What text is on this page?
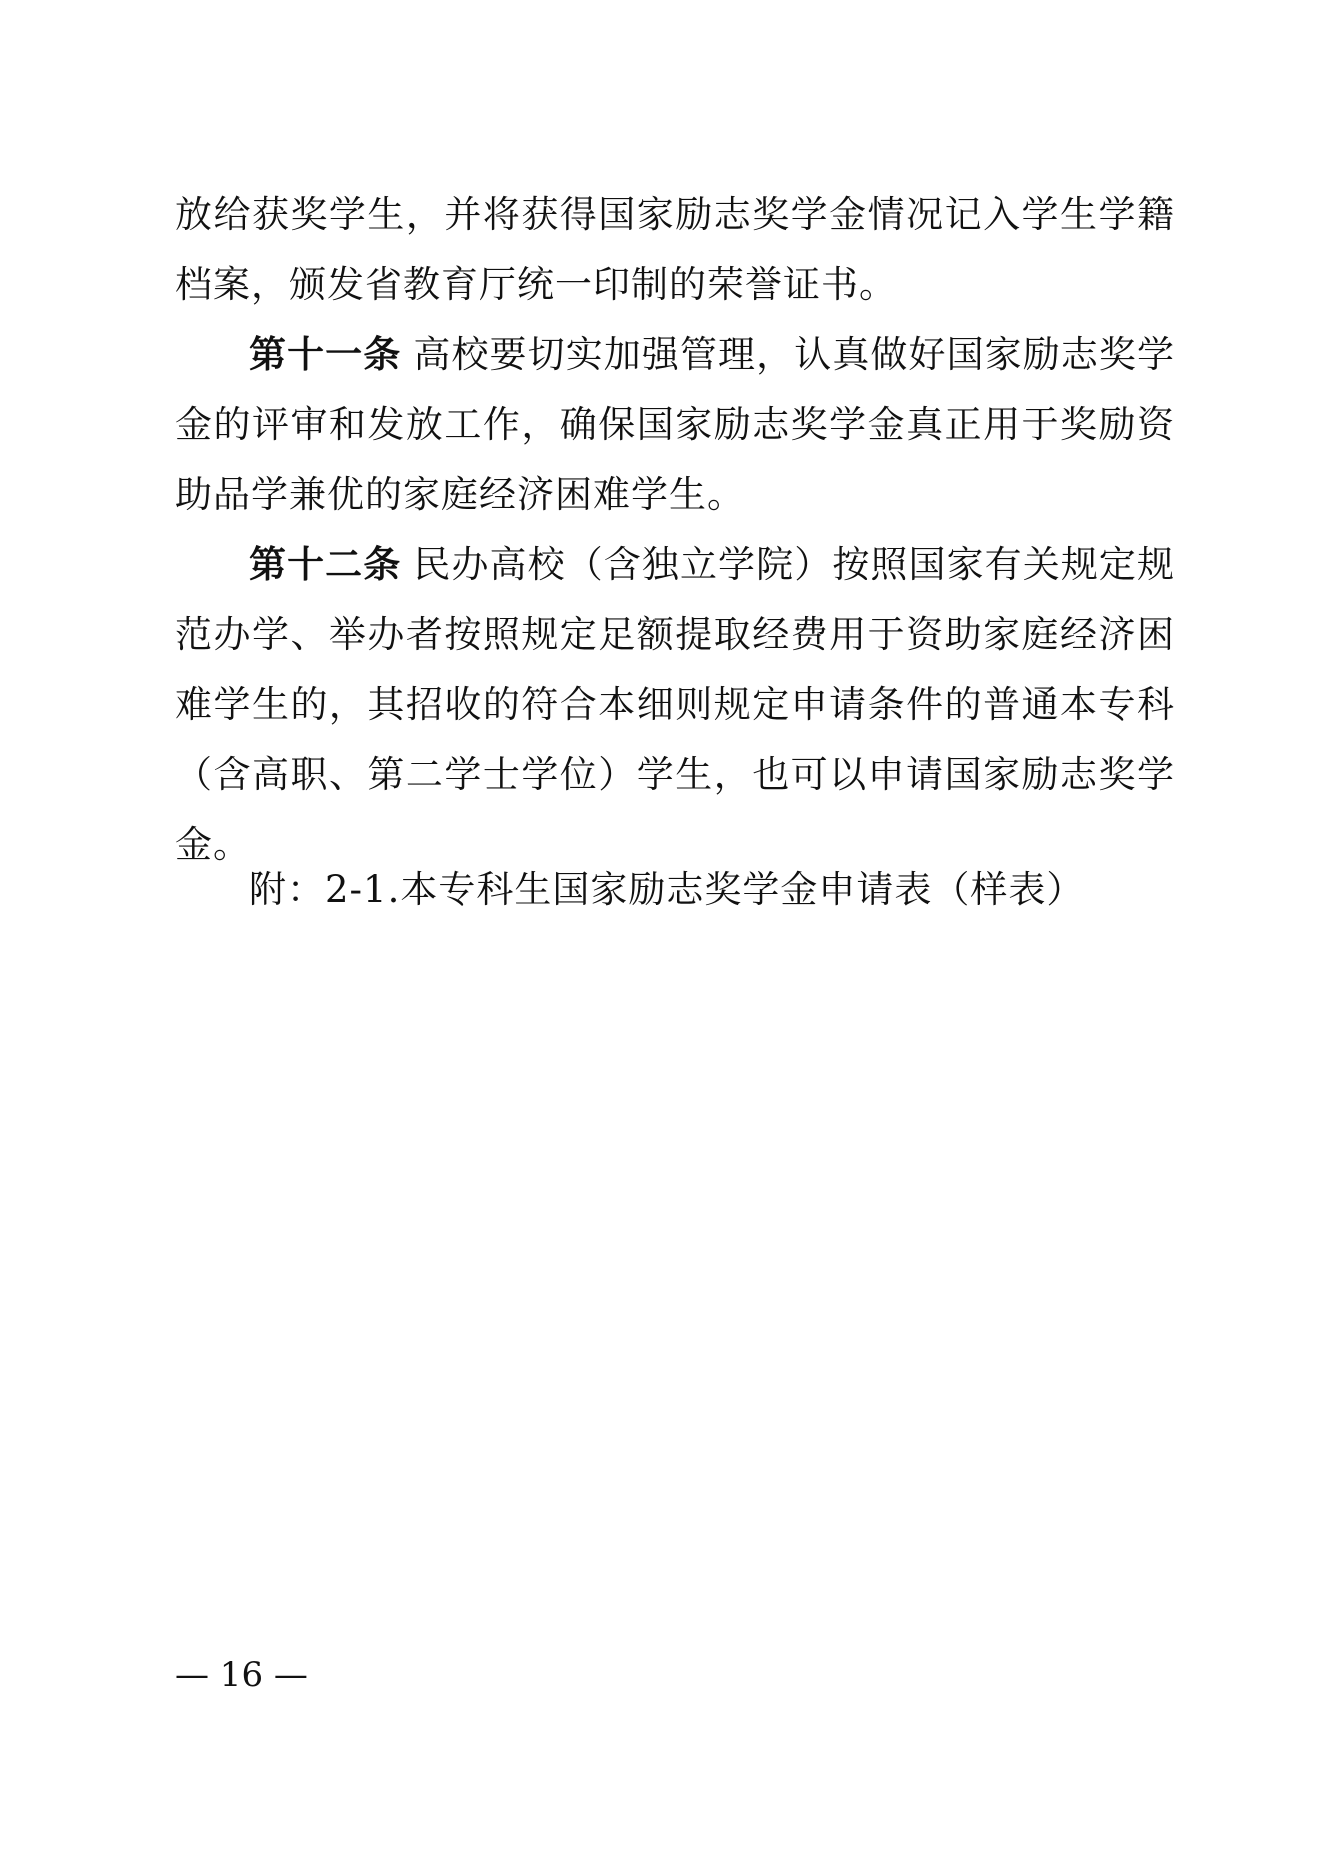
放给获奖学生，并将获得国家励志奖学金情况记入学生学籍档案，颁发省教育厅统一印制的荣誉证书。

第十一条 高校要切实加强管理，认真做好国家励志奖学金的评审和发放工作，确保国家励志奖学金真正用于奖励资助品学兼优的家庭经济困难学生。

第十二条 民办高校（含独立学院）按照国家有关规定规范办学、举办者按照规定足额提取经费用于资助家庭经济困难学生的，其招收的符合本细则规定申请条件的普通本专科（含高职、第二学士学位）学生，也可以申请国家励志奖学金。

附：2-1.本专科生国家励志奖学金申请表（样表）
— 16 —
